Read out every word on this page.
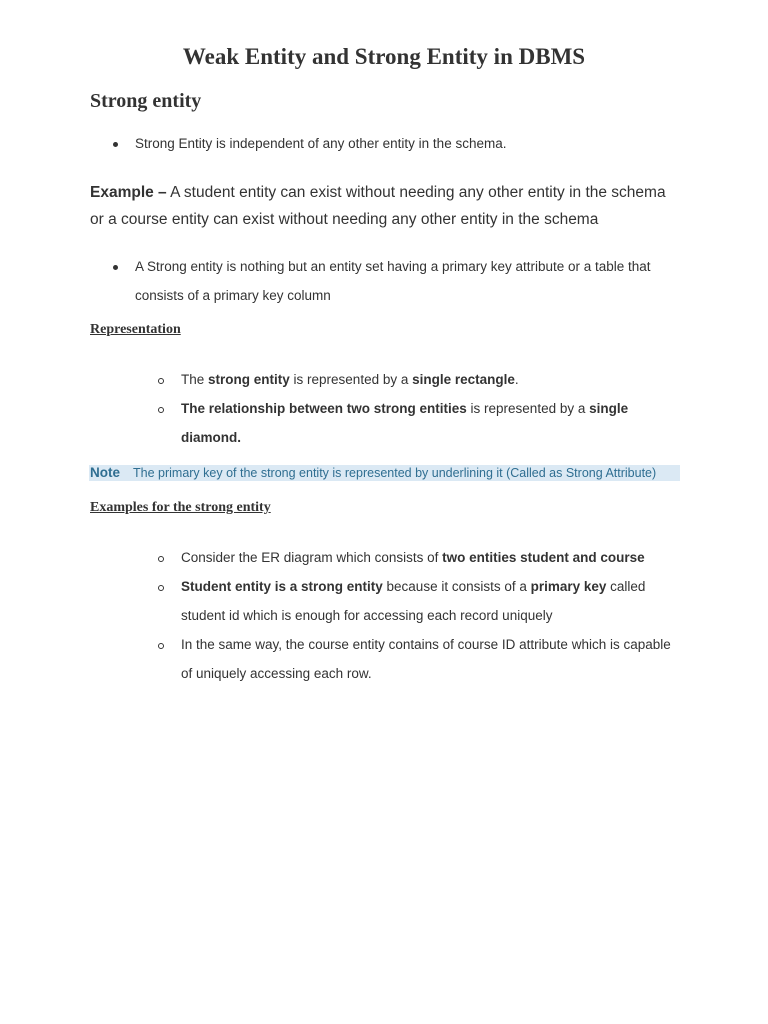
Weak Entity and Strong Entity in DBMS
Strong entity
Strong Entity is independent of any other entity in the schema.
Example – A student entity can exist without needing any other entity in the schema or a course entity can exist without needing any other entity in the schema
A Strong entity is nothing but an entity set having a primary key attribute or a table that consists of a primary key column
Representation
The strong entity is represented by a single rectangle.
The relationship between two strong entities is represented by a single diamond.
Note The primary key of the strong entity is represented by underlining it (Called as Strong Attribute)
Examples for the strong entity
Consider the ER diagram which consists of two entities student and course
Student entity is a strong entity because it consists of a primary key called student id which is enough for accessing each record uniquely
In the same way, the course entity contains of course ID attribute which is capable of uniquely accessing each row.
